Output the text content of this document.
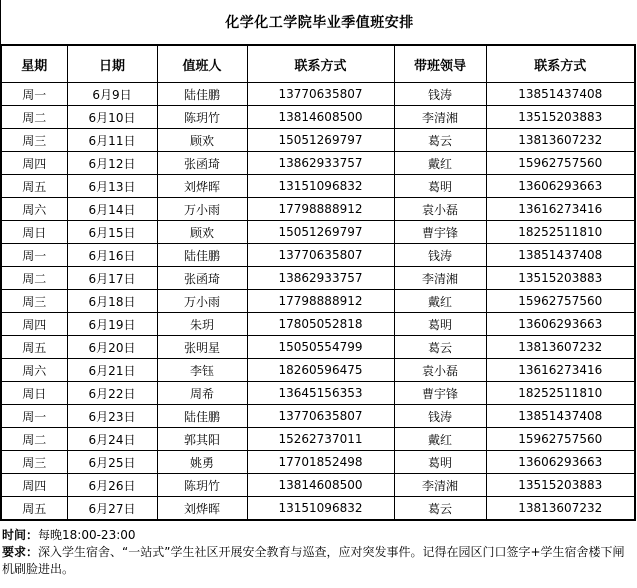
化学化工学院毕业季值班安排
星期	日期	值班人	联系方式	带班领导	联系方式
周一	6月9日	陆佳鹏	13770635807	钱涛	13851437408
周二	6月10日	陈玥竹	13814608500	李清湘	13515203883
周三	6月11日	顾欢	15051269797	葛云	13813607232
周四	6月12日	张函琦	13862933757	戴红	15962757560
周五	6月13日	刘烨晖	13151096832	葛明	13606293663
周六	6月14日	万小雨	17798888912	袁小磊	13616273416
周日	6月15日	顾欢	15051269797	曹宇锋	18252511810
周一	6月16日	陆佳鹏	13770635807	钱涛	13851437408
周二	6月17日	张函琦	13862933757	李清湘	13515203883
周三	6月18日	万小雨	17798888912	戴红	15962757560
周四	6月19日	朱玥	17805052818	葛明	13606293663
周五	6月20日	张明星	15050554799	葛云	13813607232
周六	6月21日	李钰	18260596475	袁小磊	13616273416
周日	6月22日	周希	13645156353	曹宇锋	18252511810
周一	6月23日	陆佳鹏	13770635807	钱涛	13851437408
周二	6月24日	郭其阳	15262737011	戴红	15962757560
周三	6月25日	姚勇	17701852498	葛明	13606293663
周四	6月26日	陈玥竹	13814608500	李清湘	13515203883
周五	6月27日	刘烨晖	13151096832	葛云	13813607232

时间：每晚18:00-23:00

要求：深入学生宿舍、“一站式”学生社区开展安全教育与巡查，应对突发事件。记得在园区门口签字+学生宿舍楼下闸机刷脸进出。
